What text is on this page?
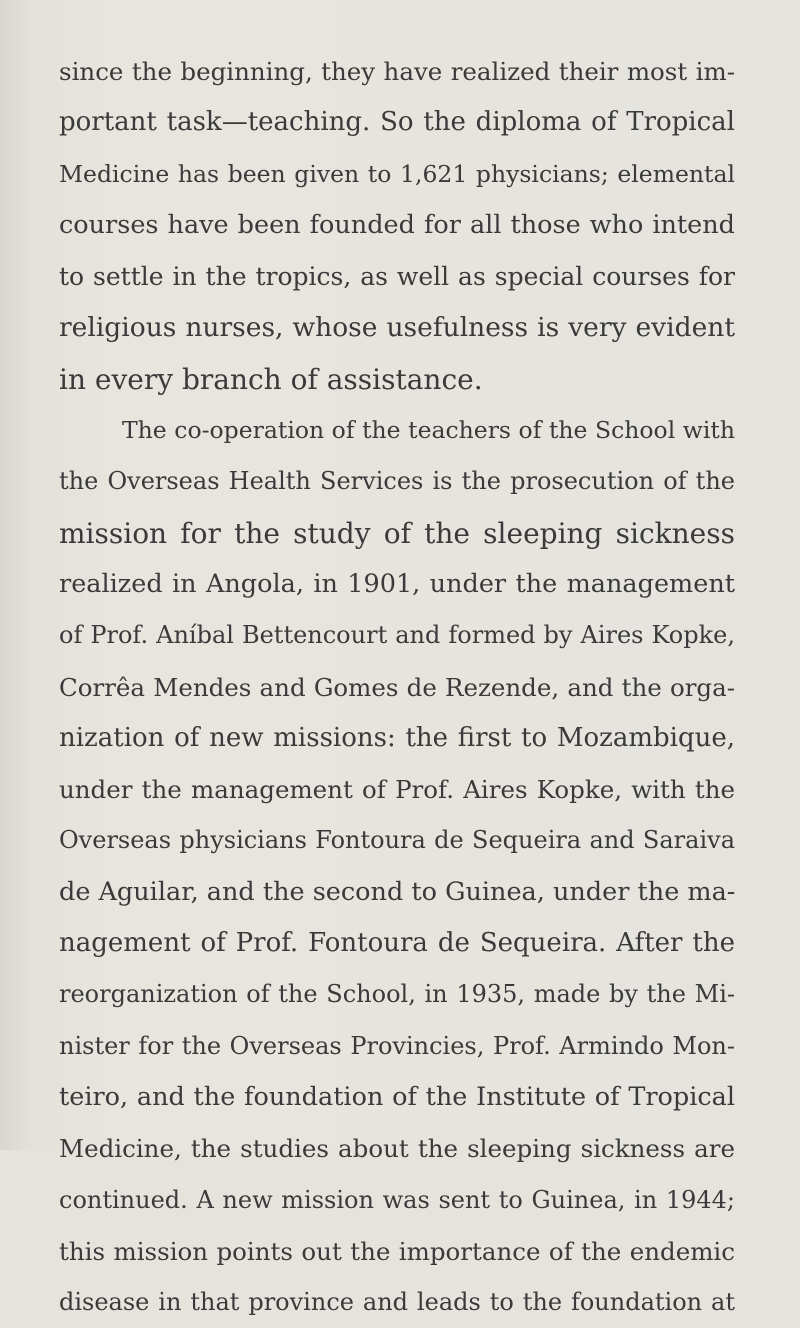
since the beginning, they have realized their most im-
portant task—teaching. So the diploma of Tropical
Medicine has been given to 1,621 physicians; elemental
courses have been founded for all those who intend
to settle in the tropics, as well as special courses for
religious nurses, whose usefulness is very evident
in every branch of assistance.
The co-operation of the teachers of the School with
the Overseas Health Services is the prosecution of the
mission for the study of the sleeping sickness
realized in Angola, in 1901, under the management
of Prof. Aníbal Bettencourt and formed by Aires Kopke,
Corrêa Mendes and Gomes de Rezende, and the orga-
nization of new missions: the first to Mozambique,
under the management of Prof. Aires Kopke, with the
Overseas physicians Fontoura de Sequeira and Saraiva
de Aguilar, and the second to Guinea, under the ma-
nagement of Prof. Fontoura de Sequeira. After the
reorganization of the School, in 1935, made by the Mi-
nister for the Overseas Provincies, Prof. Armindo Mon-
teiro, and the foundation of the Institute of Tropical
Medicine, the studies about the sleeping sickness are
continued. A new mission was sent to Guinea, in 1944;
this mission points out the importance of the endemic
disease in that province and leads to the foundation at
